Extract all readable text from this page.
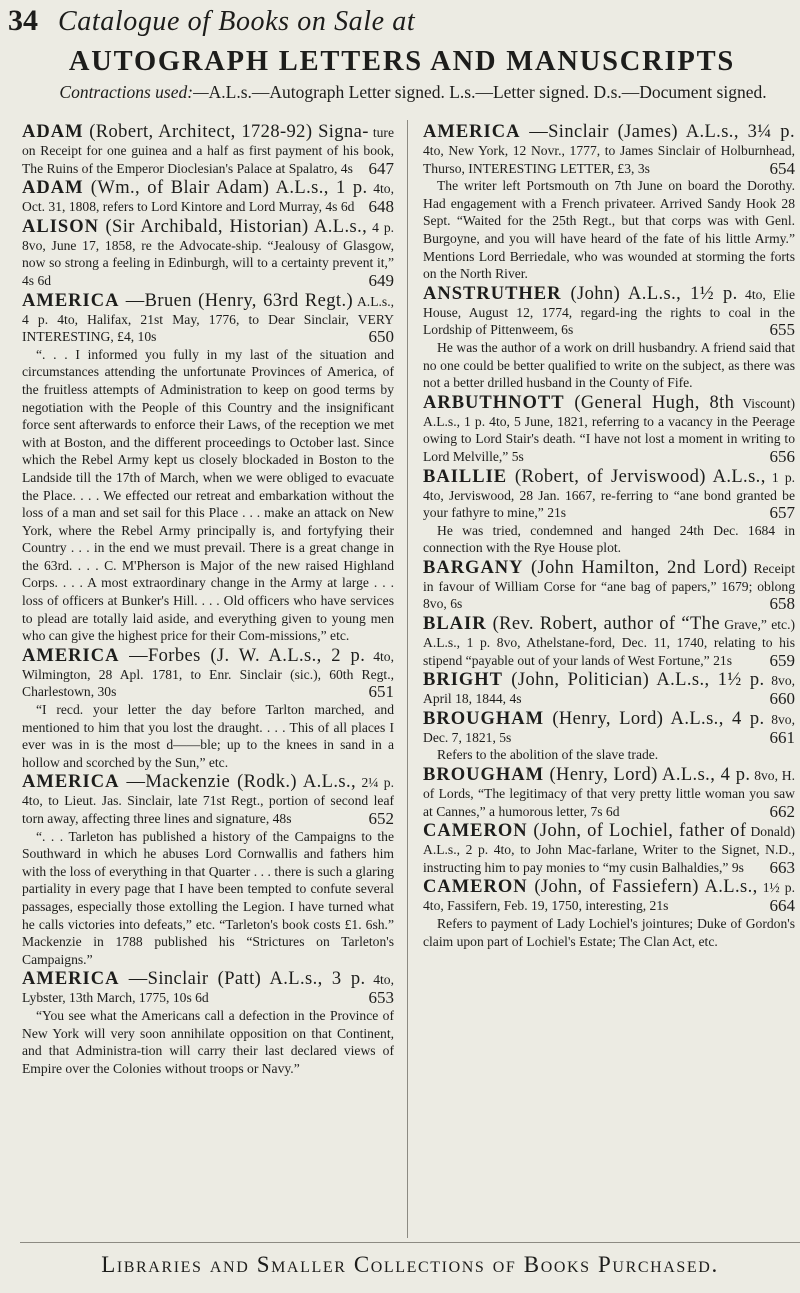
34 Catalogue of Books on Sale at
AUTOGRAPH LETTERS AND MANUSCRIPTS
Contractions used:—A.L.s.—Autograph Letter signed. L.s.—Letter signed. D.s.—Document signed.
ADAM (Robert, Architect, 1728-92) Signa- ture on Receipt for one guinea and a half as first payment of his book, The Ruins of the Emperor Dioclesian's Palace at Spalatro, 4s 647
ADAM (Wm., of Blair Adam) A.L.s., 1 p. 4to, Oct. 31, 1808, refers to Lord Kintore and Lord Murray, 4s 6d 648
ALISON (Sir Archibald, Historian) A.L.s., 4 p. 8vo, June 17, 1858, re the Advocate-ship. “Jealousy of Glasgow, now so strong a feeling in Edinburgh, will to a certainty prevent it,” 4s 6d	649
AMERICA —Bruen (Henry, 63rd Regt.) A.L.s., 4 p. 4to, Halifax, 21st May, 1776, to Dear Sinclair, VERY INTERESTING, £4, 10s	650
“. . . I informed you fully in my last of the situation and circumstances attending the unfortunate Provinces of America, of the fruitless attempts of Administration to keep on good terms by negotiation with the People of this Country and the insignificant force sent afterwards to enforce their Laws, of the reception we met with at Boston, and the different proceedings to October last. Since which the Rebel Army kept us closely blockaded in Boston to the Landside till the 17th of March, when we were obliged to evacuate the Place. . . . We effected our retreat and embarkation without the loss of a man and set sail for this Place . . . make an attack on New York, where the Rebel Army principally is, and fortyfying their Country . . . in the end we must prevail. There is a great change in the 63rd. . . . C. M'Pherson is Major of the new raised Highland Corps. . . . A most extraordinary change in the Army at large . . . loss of officers at Bunker's Hill. . . . Old officers who have services to plead are totally laid aside, and everything given to young men who can give the highest price for their Com-missions,” etc.
AMERICA —Forbes (J. W. A.L.s., 2 p. 4to, Wilmington, 28 Apl. 1781, to Enr. Sinclair (sic.), 60th Regt., Charlestown, 30s	651
“I recd. your letter the day before Tarlton marched, and mentioned to him that you lost the draught. . . . This of all places I ever was in is the most d——ble; up to the knees in sand in a hollow and scorched by the Sun,” etc.
AMERICA —Mackenzie (Rodk.) A.L.s., 2¼ p. 4to, to Lieut. Jas. Sinclair, late 71st Regt., portion of second leaf torn away, affecting three lines and signature, 48s	652
“. . . Tarleton has published a history of the Campaigns to the Southward in which he abuses Lord Cornwallis and fathers him with the loss of everything in that Quarter . . . there is such a glaring partiality in every page that I have been tempted to confute several passages, especially those extolling the Legion. I have turned what he calls victories into defeats,” etc. “Tarleton's book costs £1. 6sh.” Mackenzie in 1788 published his “Strictures on Tarleton's Campaigns.”
AMERICA —Sinclair (Patt) A.L.s., 3 p. 4to, Lybster, 13th March, 1775, 10s 6d	653
“You see what the Americans call a defection in the Province of New York will very soon annihilate opposition on that Continent, and that Administra-tion will carry their last declared views of Empire over the Colonies without troops or Navy.”
AMERICA —Sinclair (James) A.L.s., 3¼ p. 4to, New York, 12 Novr., 1777, to James Sinclair of Holburnhead, Thurso, INTERESTING LETTER, £3, 3s	654
The writer left Portsmouth on 7th June on board the Dorothy. Had engagement with a French privateer. Arrived Sandy Hook 28 Sept. “Waited for the 25th Regt., but that corps was with Genl. Burgoyne, and you will have heard of the fate of his little Army.” Mentions Lord Berriedale, who was wounded at storming the forts on the North River.
ANSTRUTHER (John) A.L.s., 1½ p. 4to, Elie House, August 12, 1774, regard-ing the rights to coal in the Lordship of Pittenweem, 6s	655
He was the author of a work on drill husbandry. A friend said that no one could be better qualified to write on the subject, as there was not a better drilled husband in the County of Fife.
ARBUTHNOTT (General Hugh, 8th Viscount) A.L.s., 1 p. 4to, 5 June, 1821, referring to a vacancy in the Peerage owing to Lord Stair's death. “I have not lost a moment in writing to Lord Melville,” 5s	656
BAILLIE (Robert, of Jerviswood) A.L.s., 1 p. 4to, Jerviswood, 28 Jan. 1667, re-ferring to “ane bond granted be your fathyre to mine,” 21s	657
He was tried, condemned and hanged 24th Dec. 1684 in connection with the Rye House plot.
BARGANY (John Hamilton, 2nd Lord) Receipt in favour of William Corse for “ane bag of papers,” 1679; oblong 8vo, 6s	658
BLAIR (Rev. Robert, author of “The Grave,” etc.) A.L.s., 1 p. 8vo, Athelstane-ford, Dec. 11, 1740, relating to his stipend “payable out of your lands of West Fortune,” 21s 659
BRIGHT (John, Politician) A.L.s., 1½ p. 8vo, April 18, 1844, 4s	660
BROUGHAM (Henry, Lord) A.L.s., 4 p. 8vo, Dec. 7, 1821, 5s	661
Refers to the abolition of the slave trade.
BROUGHAM (Henry, Lord) A.L.s., 4 p. 8vo, H. of Lords, “The legitimacy of that very pretty little woman you saw at Cannes,” a humorous letter, 7s 6d	662
CAMERON (John, of Lochiel, father of Donald) A.L.s., 2 p. 4to, to John Mac-farlane, Writer to the Signet, N.D., instructing him to pay monies to “my cusin Balhaldies,” 9s 663
CAMERON (John, of Fassiefern) A.L.s., 1½ p. 4to, Fassifern, Feb. 19, 1750, interesting, 21s	664
Refers to payment of Lady Lochiel's jointures; Duke of Gordon's claim upon part of Lochiel's Estate; The Clan Act, etc.
Libraries and Smaller Collections of Books Purchased.
